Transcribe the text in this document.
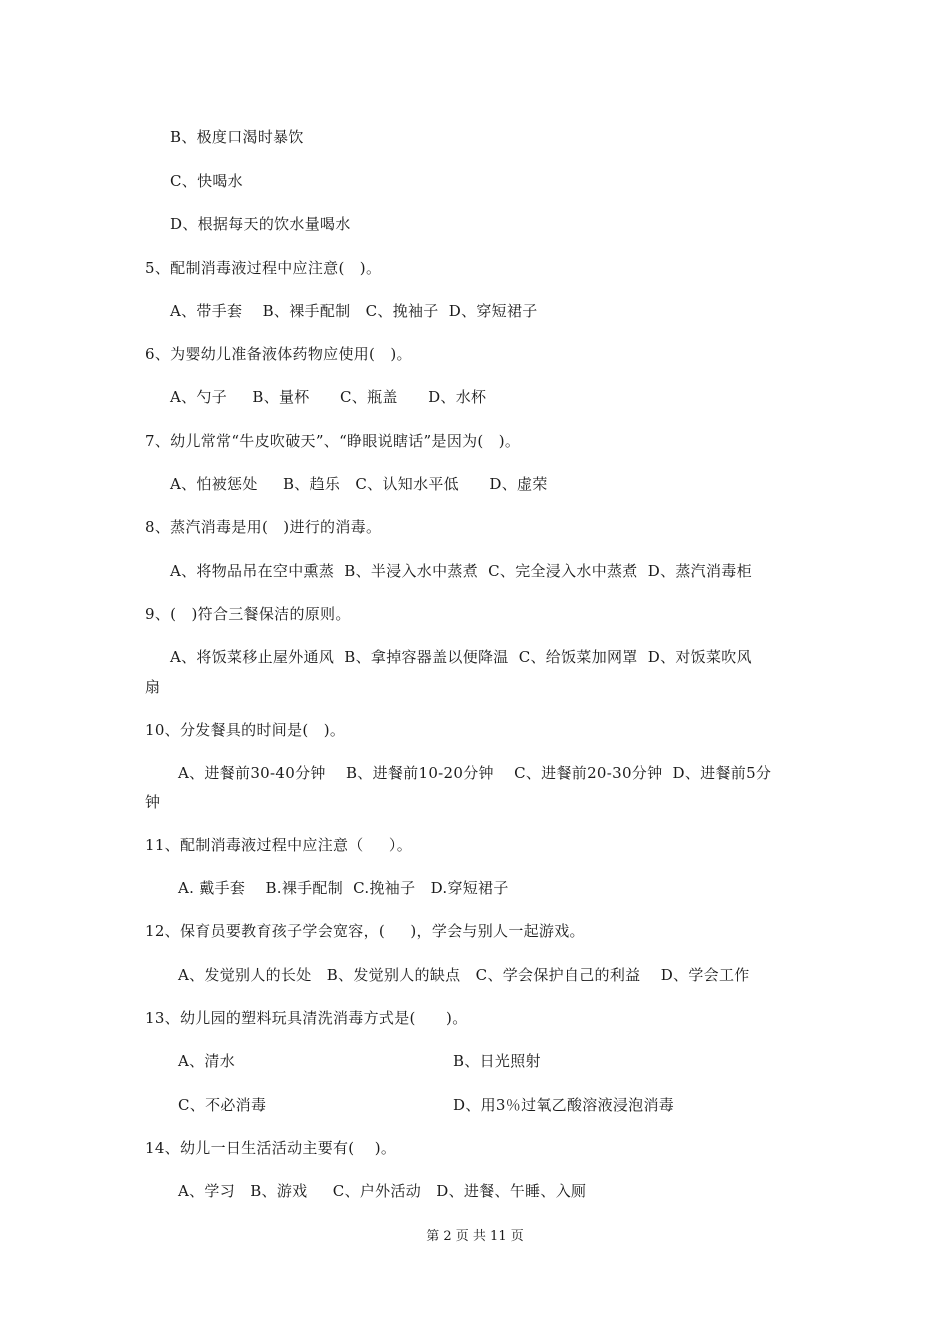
B、极度口渴时暴饮
C、快喝水
D、根据每天的饮水量喝水
5、配制消毒液过程中应注意(   )。
A、带手套    B、裸手配制   C、挽袖子  D、穿短裙子
6、为婴幼儿准备液体药物应使用(   )。
A、勺子     B、量杯      C、瓶盖      D、水杯
7、幼儿常常“牛皮吹破天”、“睁眼说瞎话”是因为(   )。
A、怕被惩处     B、趋乐   C、认知水平低      D、虚荣
8、蒸汽消毒是用(   )进行的消毒。
A、将物品吊在空中熏蒸  B、半浸入水中蒸煮  C、完全浸入水中蒸煮  D、蒸汽消毒柜
9、(   )符合三餐保洁的原则。
A、将饭菜移止屋外通风  B、拿掉容器盖以便降温  C、给饭菜加网罩  D、对饭菜吹风
扇
10、分发餐具的时间是(   )。
A、进餐前30-40分钟    B、进餐前10-20分钟    C、进餐前20-30分钟  D、进餐前5分
钟
11、配制消毒液过程中应注意（     ）。
A. 戴手套    B.裸手配制  C.挽袖子   D.穿短裙子
12、保育员要教育孩子学会宽容，(     )，学会与别人一起游戏。
A、发觉别人的长处   B、发觉别人的缺点   C、学会保护自己的利益    D、学会工作
13、幼儿园的塑料玩具清洗消毒方式是(      )。
A、清水	B、日光照射
C、不必消毒	D、用3％过氧乙酸溶液浸泡消毒
14、幼儿一日生活活动主要有(    )。
A、学习   B、游戏     C、户外活动   D、进餐、午睡、入厕
第 2 页 共 11 页
